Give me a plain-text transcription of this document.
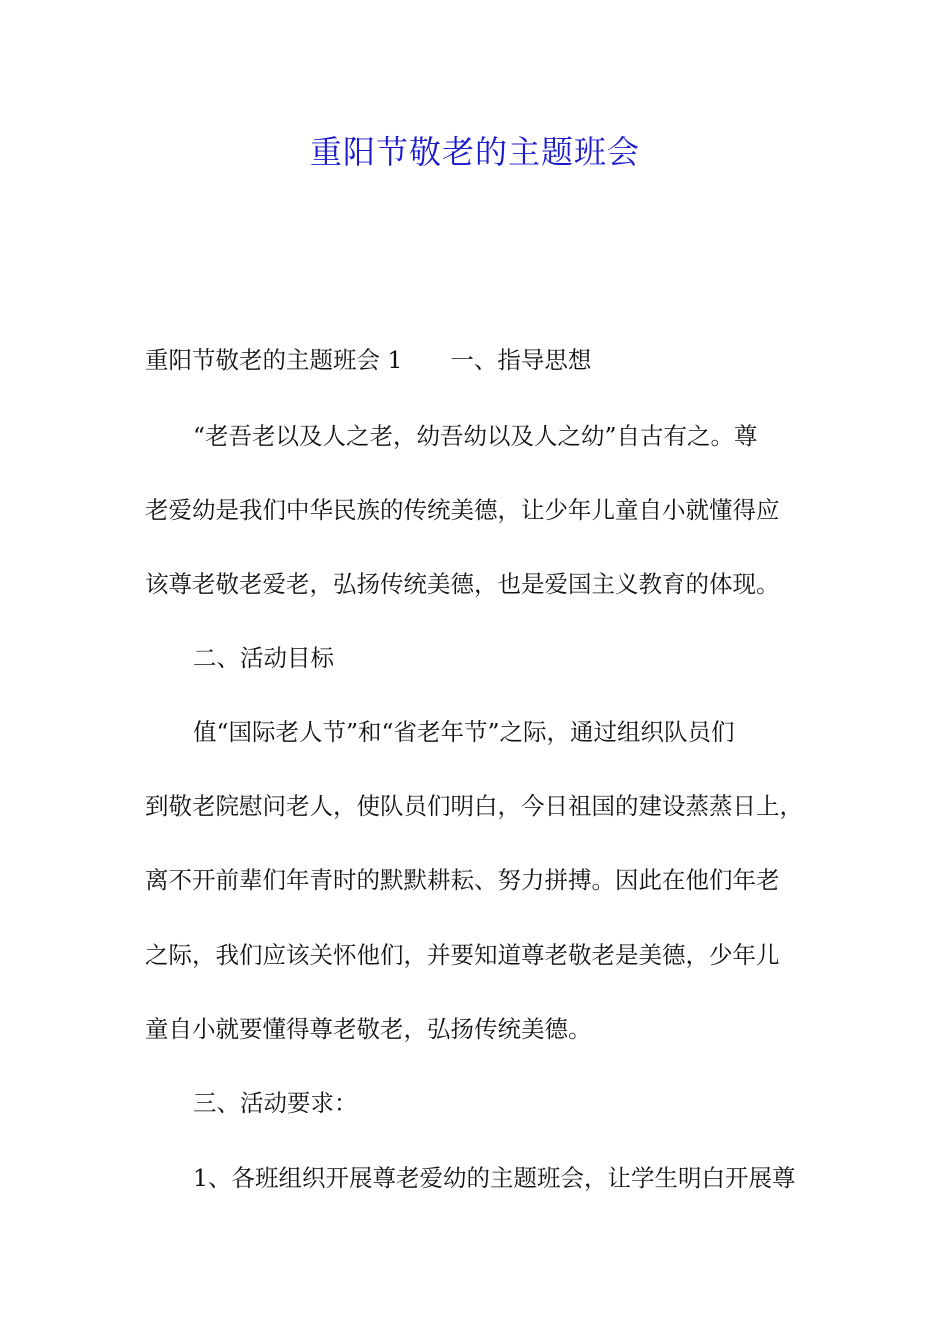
重阳节敬老的主题班会

重阳节敬老的主题班会 1 一、指导思想

“老吾老以及人之老，幼吾幼以及人之幼”自古有之。尊

老爱幼是我们中华民族的传统美德，让少年儿童自小就懂得应

该尊老敬老爱老，弘扬传统美德，也是爱国主义教育的体现。

二、活动目标

值“国际老人节”和“省老年节”之际，通过组织队员们

到敬老院慰问老人，使队员们明白，今日祖国的建设蒸蒸日上，

离不开前辈们年青时的默默耕耘、努力拼搏。因此在他们年老

之际，我们应该关怀他们，并要知道尊老敬老是美德，少年儿

童自小就要懂得尊老敬老，弘扬传统美德。

三、活动要求：

1、各班组织开展尊老爱幼的主题班会，让学生明白开展尊
